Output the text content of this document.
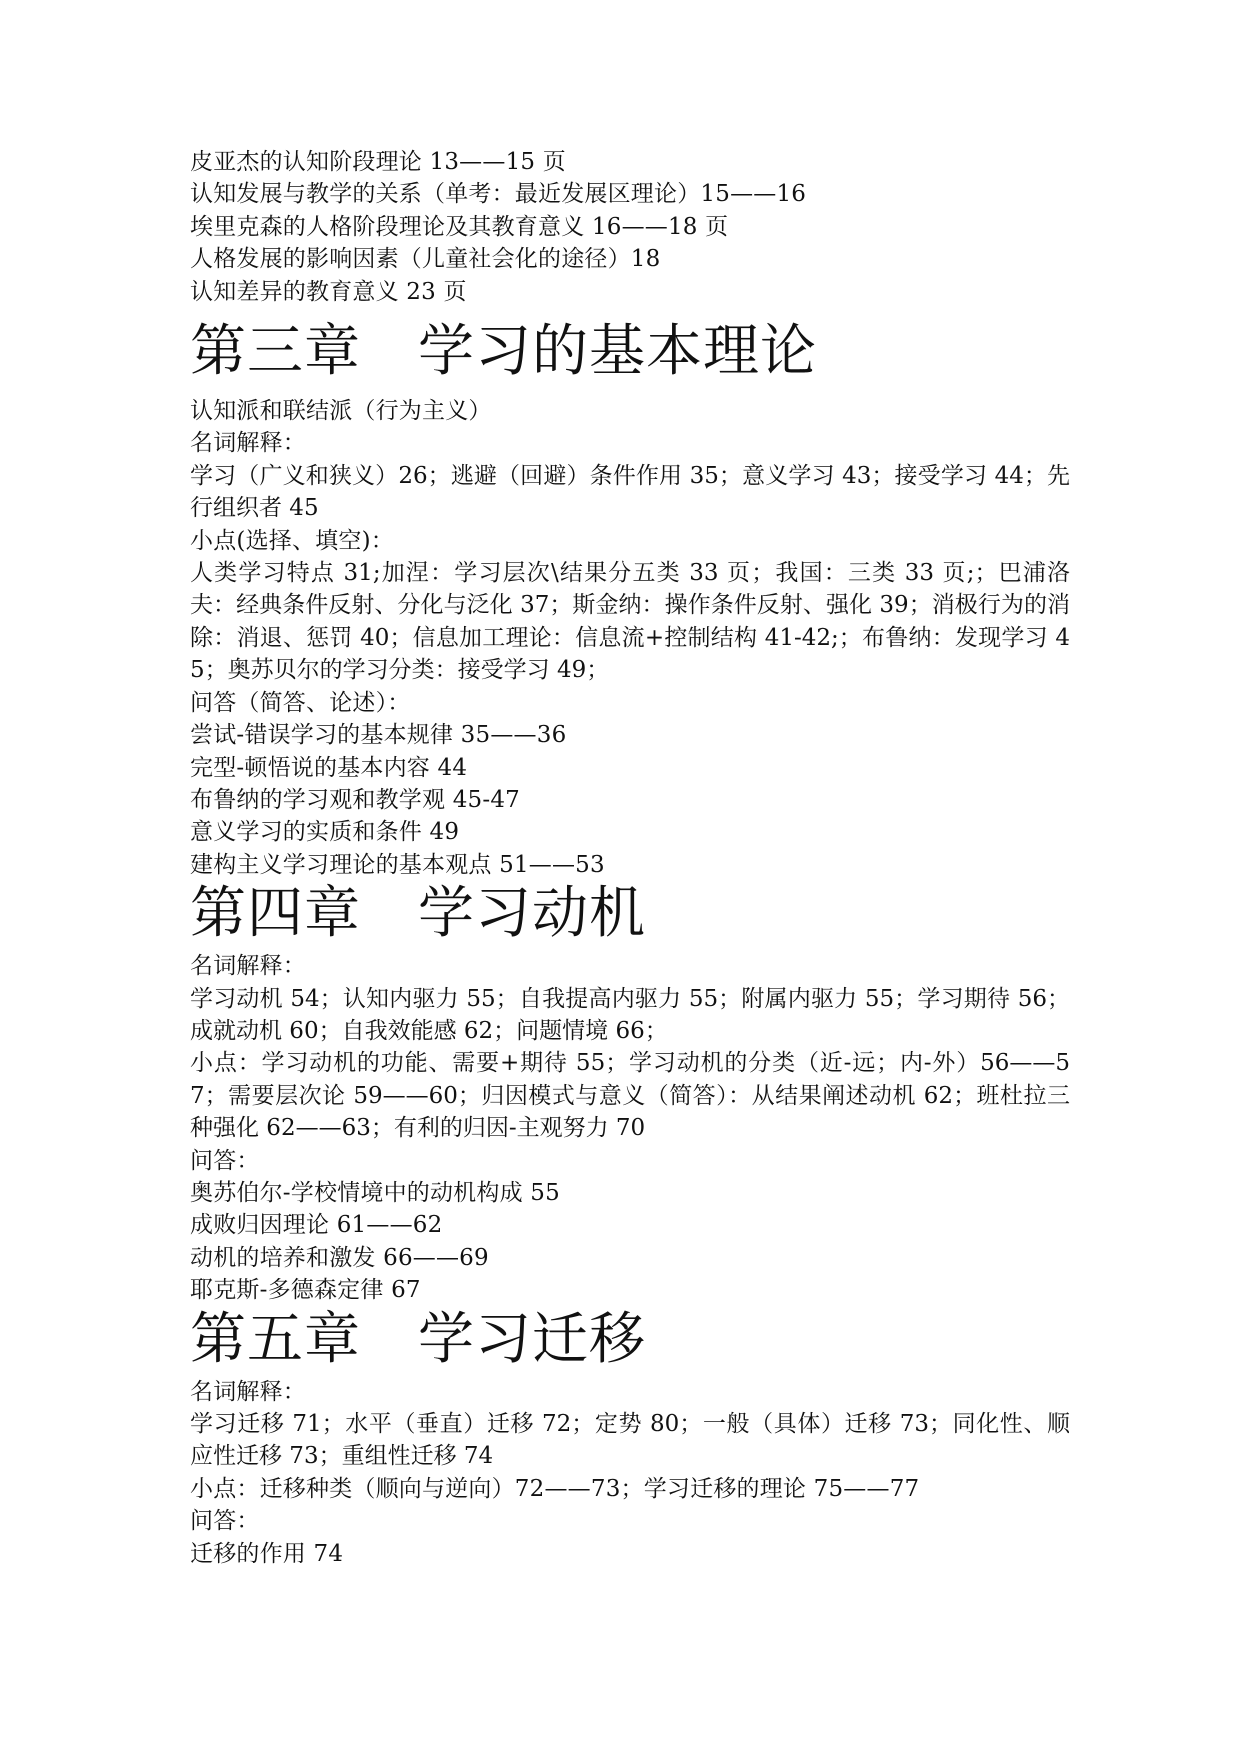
皮亚杰的认知阶段理论 13——15 页
认知发展与教学的关系（单考：最近发展区理论）15——16
埃里克森的人格阶段理论及其教育意义 16——18 页
人格发展的影响因素（儿童社会化的途径）18
认知差异的教育意义 23 页
第三章　学习的基本理论
认知派和联结派（行为主义）
名词解释：
学习（广义和狭义）26；逃避（回避）条件作用 35；意义学习 43；接受学习 44；先行组织者 45
小点(选择、填空)：
人类学习特点 31;加涅：学习层次\结果分五类 33 页；我国：三类 33 页;；巴浦洛夫：经典条件反射、分化与泛化 37；斯金纳：操作条件反射、强化 39；消极行为的消除：消退、惩罚 40；信息加工理论：信息流+控制结构 41-42;；布鲁纳：发现学习 45；奥苏贝尔的学习分类：接受学习 49；
问答（简答、论述）：
尝试-错误学习的基本规律 35——36
完型-顿悟说的基本内容 44
布鲁纳的学习观和教学观 45-47
意义学习的实质和条件 49
建构主义学习理论的基本观点 51——53
第四章　学习动机
名词解释：
学习动机 54；认知内驱力 55；自我提高内驱力 55；附属内驱力 55；学习期待 56；成就动机 60；自我效能感 62；问题情境 66；
小点：学习动机的功能、需要+期待 55；学习动机的分类（近-远；内-外）56——57；需要层次论 59——60；归因模式与意义（简答）：从结果阐述动机 62；班杜拉三种强化 62——63；有利的归因-主观努力 70
问答：
奥苏伯尔-学校情境中的动机构成 55
成败归因理论 61——62
动机的培养和激发 66——69
耶克斯-多德森定律 67
第五章　学习迁移
名词解释：
学习迁移 71；水平（垂直）迁移 72；定势 80；一般（具体）迁移 73；同化性、顺应性迁移 73；重组性迁移 74
小点：迁移种类（顺向与逆向）72——73；学习迁移的理论 75——77
问答：
迁移的作用 74
